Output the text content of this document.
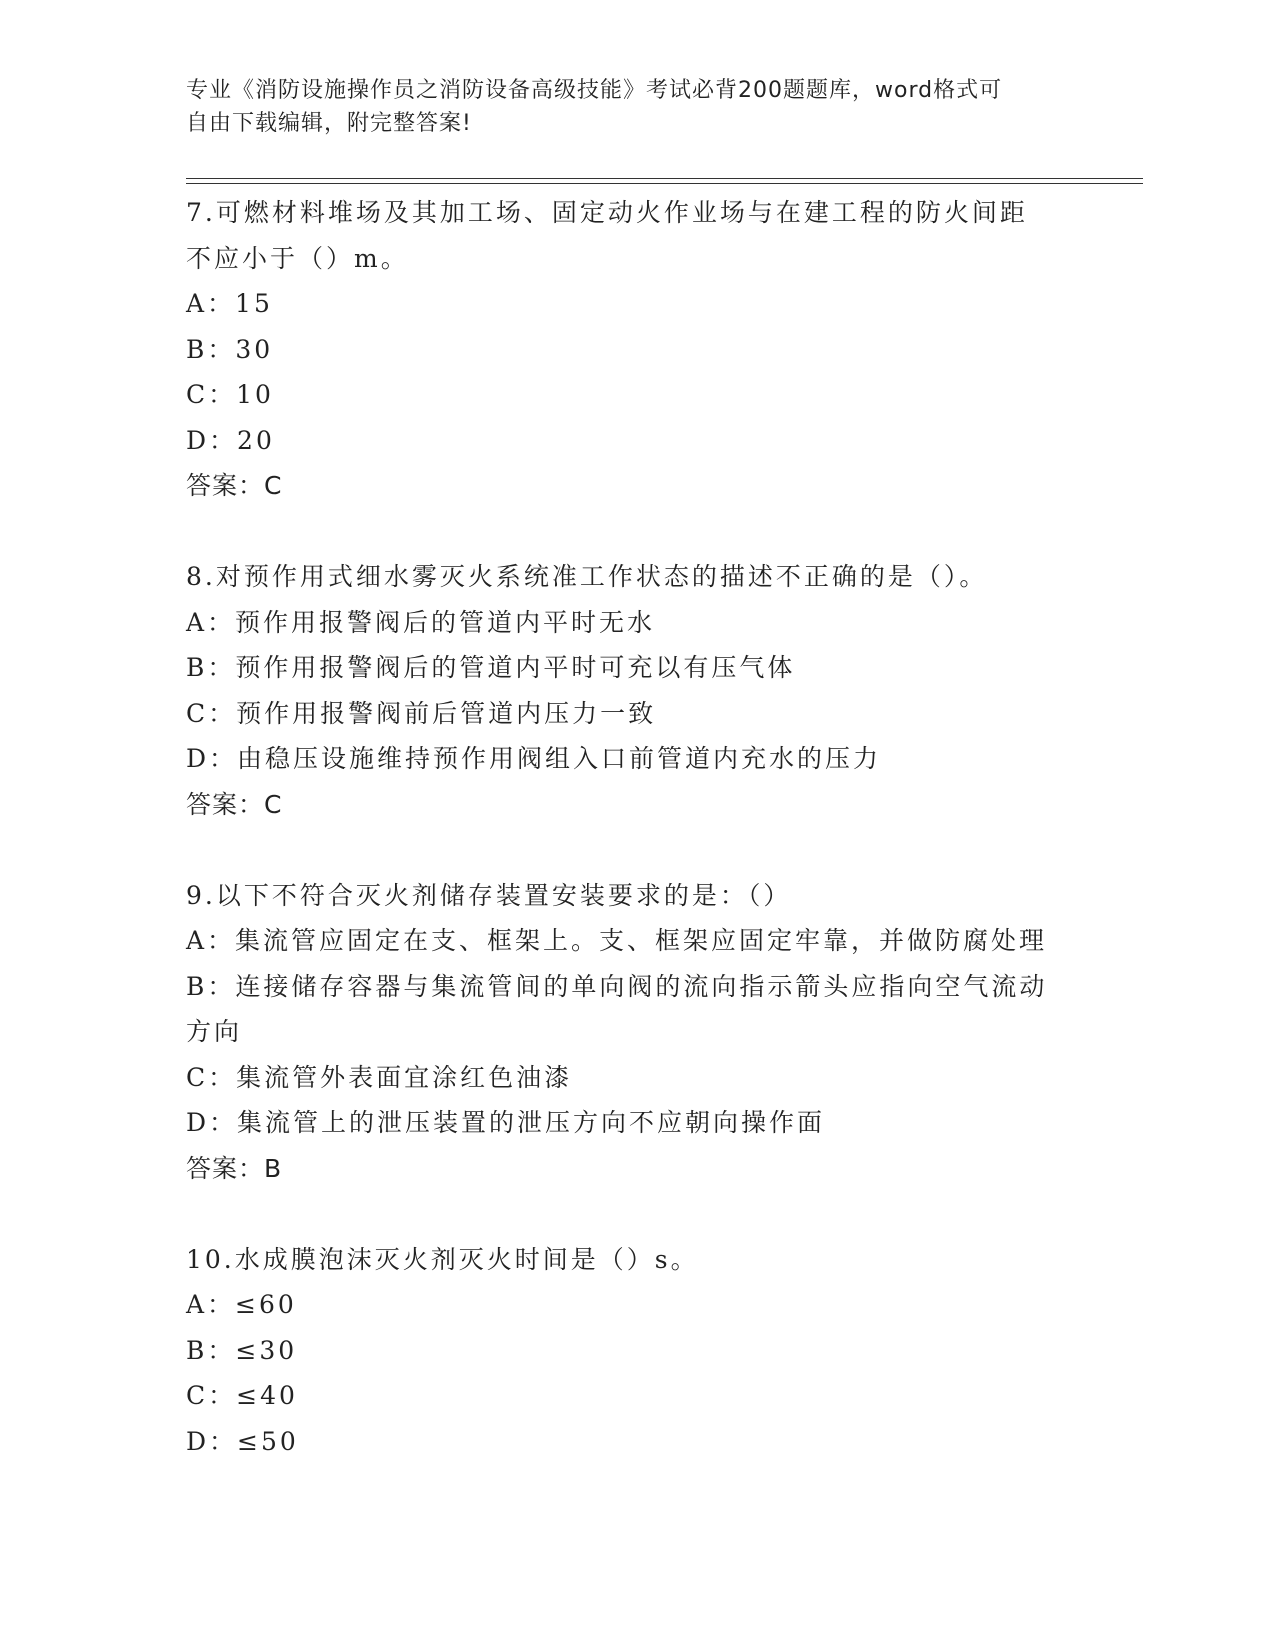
专业《消防设施操作员之消防设备高级技能》考试必背200题题库，word格式可
自由下载编辑，附完整答案!
7.可燃材料堆场及其加工场、固定动火作业场与在建工程的防火间距
不应小于（）m。
A：15
B：30
C：10
D：20
答案：C
8.对预作用式细水雾灭火系统准工作状态的描述不正确的是（）。
A：预作用报警阀后的管道内平时无水
B：预作用报警阀后的管道内平时可充以有压气体
C：预作用报警阀前后管道内压力一致
D：由稳压设施维持预作用阀组入口前管道内充水的压力
答案：C
9.以下不符合灭火剂储存装置安装要求的是：（）
A：集流管应固定在支、框架上。支、框架应固定牢靠，并做防腐处理
B：连接储存容器与集流管间的单向阀的流向指示箭头应指向空气流动
方向
C：集流管外表面宜涂红色油漆
D：集流管上的泄压装置的泄压方向不应朝向操作面
答案：B
10.水成膜泡沫灭火剂灭火时间是（）s。
A：≤60
B：≤30
C：≤40
D：≤50
